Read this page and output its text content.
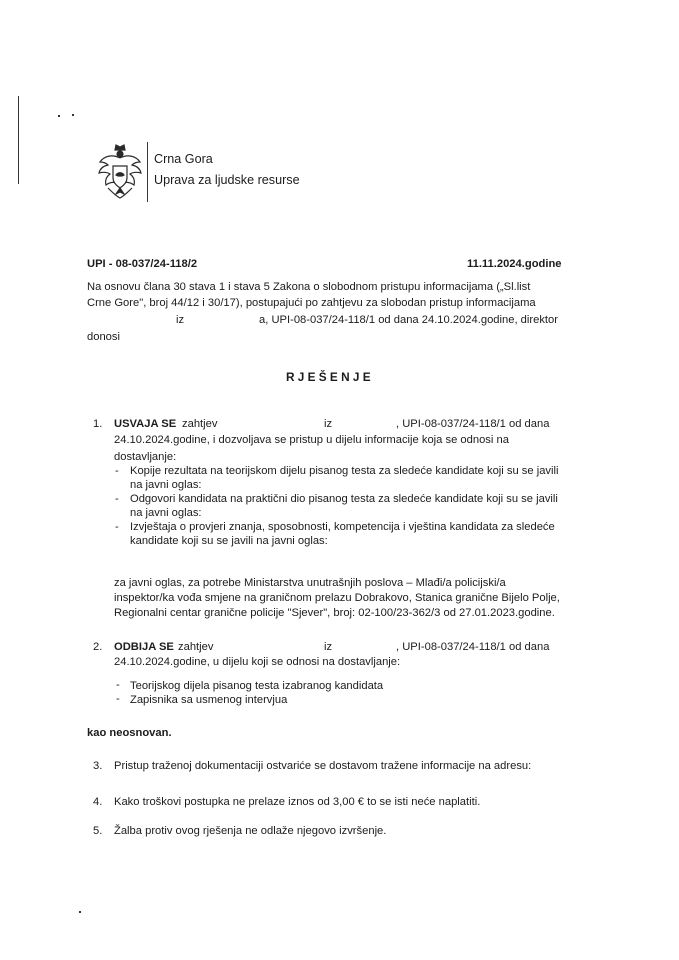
Crna Gora
Uprava za ljudske resurse
UPI - 08-037/24-118/2	11.11.2024.godine
Na osnovu člana 30 stava 1 i stava 5 Zakona o slobodnom pristupu informacijama („Sl.list
Crne Gore", broj 44/12 i 30/17), postupajući po zahtjevu za slobodan pristup informacijama
iz	a, UPI-08-037/24-118/1 od dana 24.10.2024.godine, direktor
donosi
R J E Š E N J E
1. USVAJA SE zahtjev	iz	, UPI-08-037/24-118/1 od dana
24.10.2024.godine, i dozvoljava se pristup u dijelu informacije koja se odnosi na
dostavljanje:
- Kopije rezultata na teorijskom dijelu pisanog testa za sledeće kandidate koji su se javili
na javni oglas:
- Odgovori kandidata na praktični dio pisanog testa za sledeće kandidate koji su se javili
na javni oglas:
- Izvještaja o provjeri znanja, sposobnosti, kompetencija i vještina kandidata za sledeće
kandidate koji su se javili na javni oglas:
za javni oglas, za potrebe Ministarstva unutrašnjih poslova – Mlađi/a policijski/a
inspektor/ka vođa smjene na graničnom prelazu Dobrakovo, Stanica granične Bijelo Polje,
Regionalni centar granične policije "Sjever", broj: 02-100/23-362/3 od 27.01.2023.godine.
2. ODBIJA SE zahtjev	iz	, UPI-08-037/24-118/1 od dana
24.10.2024.godine, u dijelu koji se odnosi na dostavljanje:
- Teorijskog dijela pisanog testa izabranog kandidata
- Zapisnika sa usmenog intervjua
kao neosnovan.
3. Pristup traženoj dokumentaciji ostvariće se dostavom tražene informacije na adresu:
4. Kako troškovi postupka ne prelaze iznos od 3,00 € to se isti neće naplatiti.
5. Žalba protiv ovog rješenja ne odlaže njegovo izvršenje.
